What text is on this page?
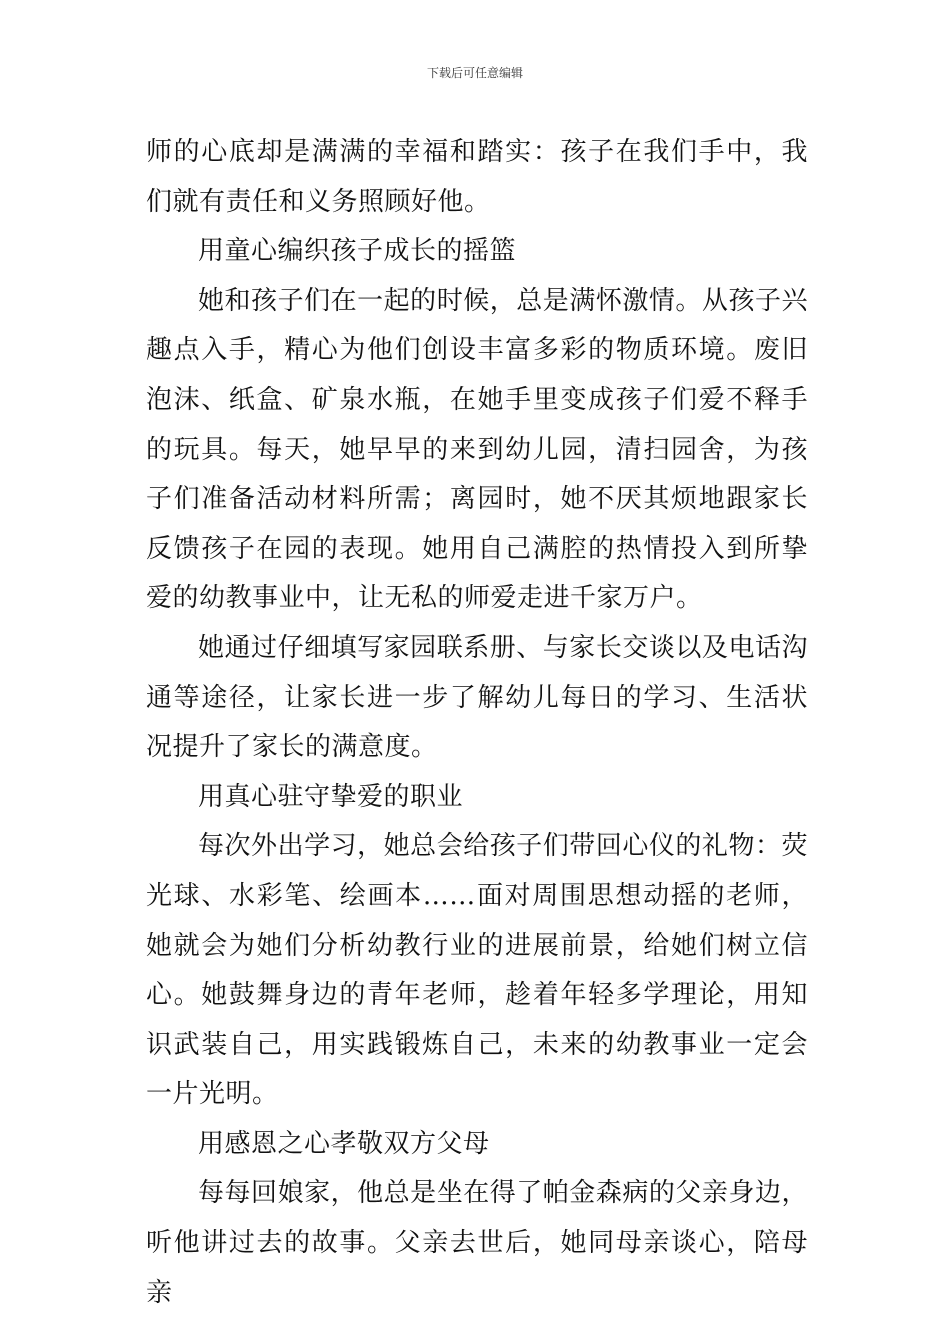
下载后可任意编辑

师的心底却是满满的幸福和踏实：孩子在我们手中，我们就有责任和义务照顾好他。

用童心编织孩子成长的摇篮

她和孩子们在一起的时候，总是满怀激情。从孩子兴趣点入手，精心为他们创设丰富多彩的物质环境。废旧泡沫、纸盒、矿泉水瓶，在她手里变成孩子们爱不释手的玩具。每天，她早早的来到幼儿园，清扫园舍，为孩子们准备活动材料所需；离园时，她不厌其烦地跟家长反馈孩子在园的表现。她用自己满腔的热情投入到所挚爱的幼教事业中，让无私的师爱走进千家万户。

她通过仔细填写家园联系册、与家长交谈以及电话沟通等途径，让家长进一步了解幼儿每日的学习、生活状况提升了家长的满意度。

用真心驻守挚爱的职业

每次外出学习，她总会给孩子们带回心仪的礼物：荧光球、水彩笔、绘画本……面对周围思想动摇的老师，她就会为她们分析幼教行业的进展前景，给她们树立信心。她鼓舞身边的青年老师，趁着年轻多学理论，用知识武装自己，用实践锻炼自己，未来的幼教事业一定会一片光明。

用感恩之心孝敬双方父母

每每回娘家，他总是坐在得了帕金森病的父亲身边，听他讲过去的故事。父亲去世后，她同母亲谈心，陪母亲
